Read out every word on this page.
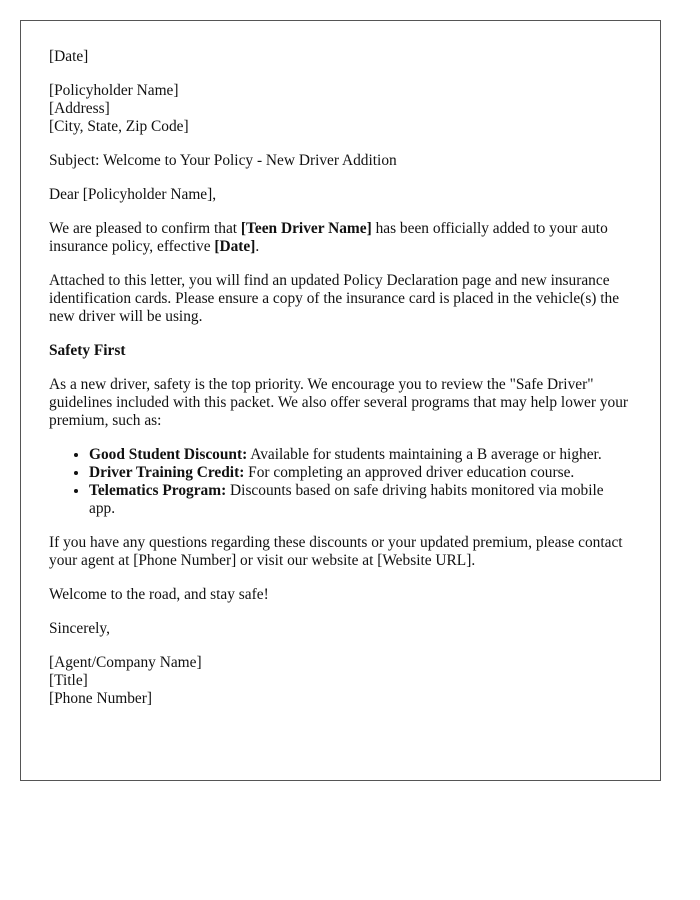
[Date]

[Policyholder Name]
[Address]
[City, State, Zip Code]

Subject: Welcome to Your Policy - New Driver Addition

Dear [Policyholder Name],

We are pleased to confirm that [Teen Driver Name] has been officially added to your auto insurance policy, effective [Date].

Attached to this letter, you will find an updated Policy Declaration page and new insurance identification cards. Please ensure a copy of the insurance card is placed in the vehicle(s) the new driver will be using.

Safety First

As a new driver, safety is the top priority. We encourage you to review the "Safe Driver" guidelines included with this packet. We also offer several programs that may help lower your premium, such as:

• Good Student Discount: Available for students maintaining a B average or higher.
• Driver Training Credit: For completing an approved driver education course.
• Telematics Program: Discounts based on safe driving habits monitored via mobile app.

If you have any questions regarding these discounts or your updated premium, please contact your agent at [Phone Number] or visit our website at [Website URL].

Welcome to the road, and stay safe!

Sincerely,

[Agent/Company Name]
[Title]
[Phone Number]
